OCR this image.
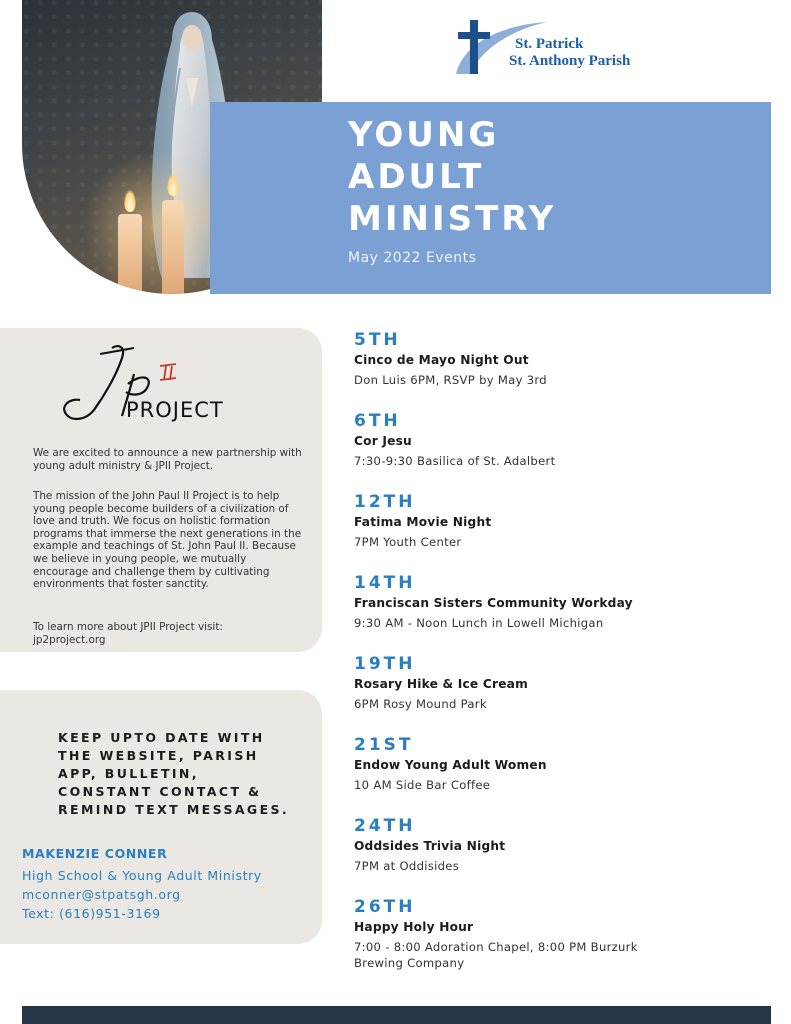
YOUNG
ADULT
MINISTRY
May 2022 Events
St. Patrick
St. Anthony Parish
PROJECT
We are excited to announce a new partnership with young adult ministry & JPII Project.
The mission of the John Paul II Project is to help young people become builders of a civilization of love and truth. We focus on holistic formation programs that immerse the next generations in the example and teachings of St. John Paul II. Because we believe in young people, we mutually encourage and challenge them by cultivating environments that foster sanctity.
To learn more about JPII Project visit: jp2project.org
KEEP UPTO DATE WITH THE WEBSITE, PARISH APP, BULLETIN, CONSTANT CONTACT & REMIND TEXT MESSAGES.
MAKENZIE CONNER
High School & Young Adult Ministry
mconner@stpatsgh.org
Text: (616)951-3169
5TH
Cinco de Mayo Night Out
Don Luis 6PM, RSVP by May 3rd
6TH
Cor Jesu
7:30-9:30 Basilica of St. Adalbert
12TH
Fatima Movie Night
7PM Youth Center
14TH
Franciscan Sisters Community Workday
9:30 AM - Noon Lunch in Lowell Michigan
19TH
Rosary Hike & Ice Cream
6PM Rosy Mound Park
21ST
Endow Young Adult Women
10 AM Side Bar Coffee
24TH
Oddsides Trivia Night
7PM at Oddisides
26TH
Happy Holy Hour
7:00 - 8:00 Adoration Chapel, 8:00 PM Burzurk Brewing Company
